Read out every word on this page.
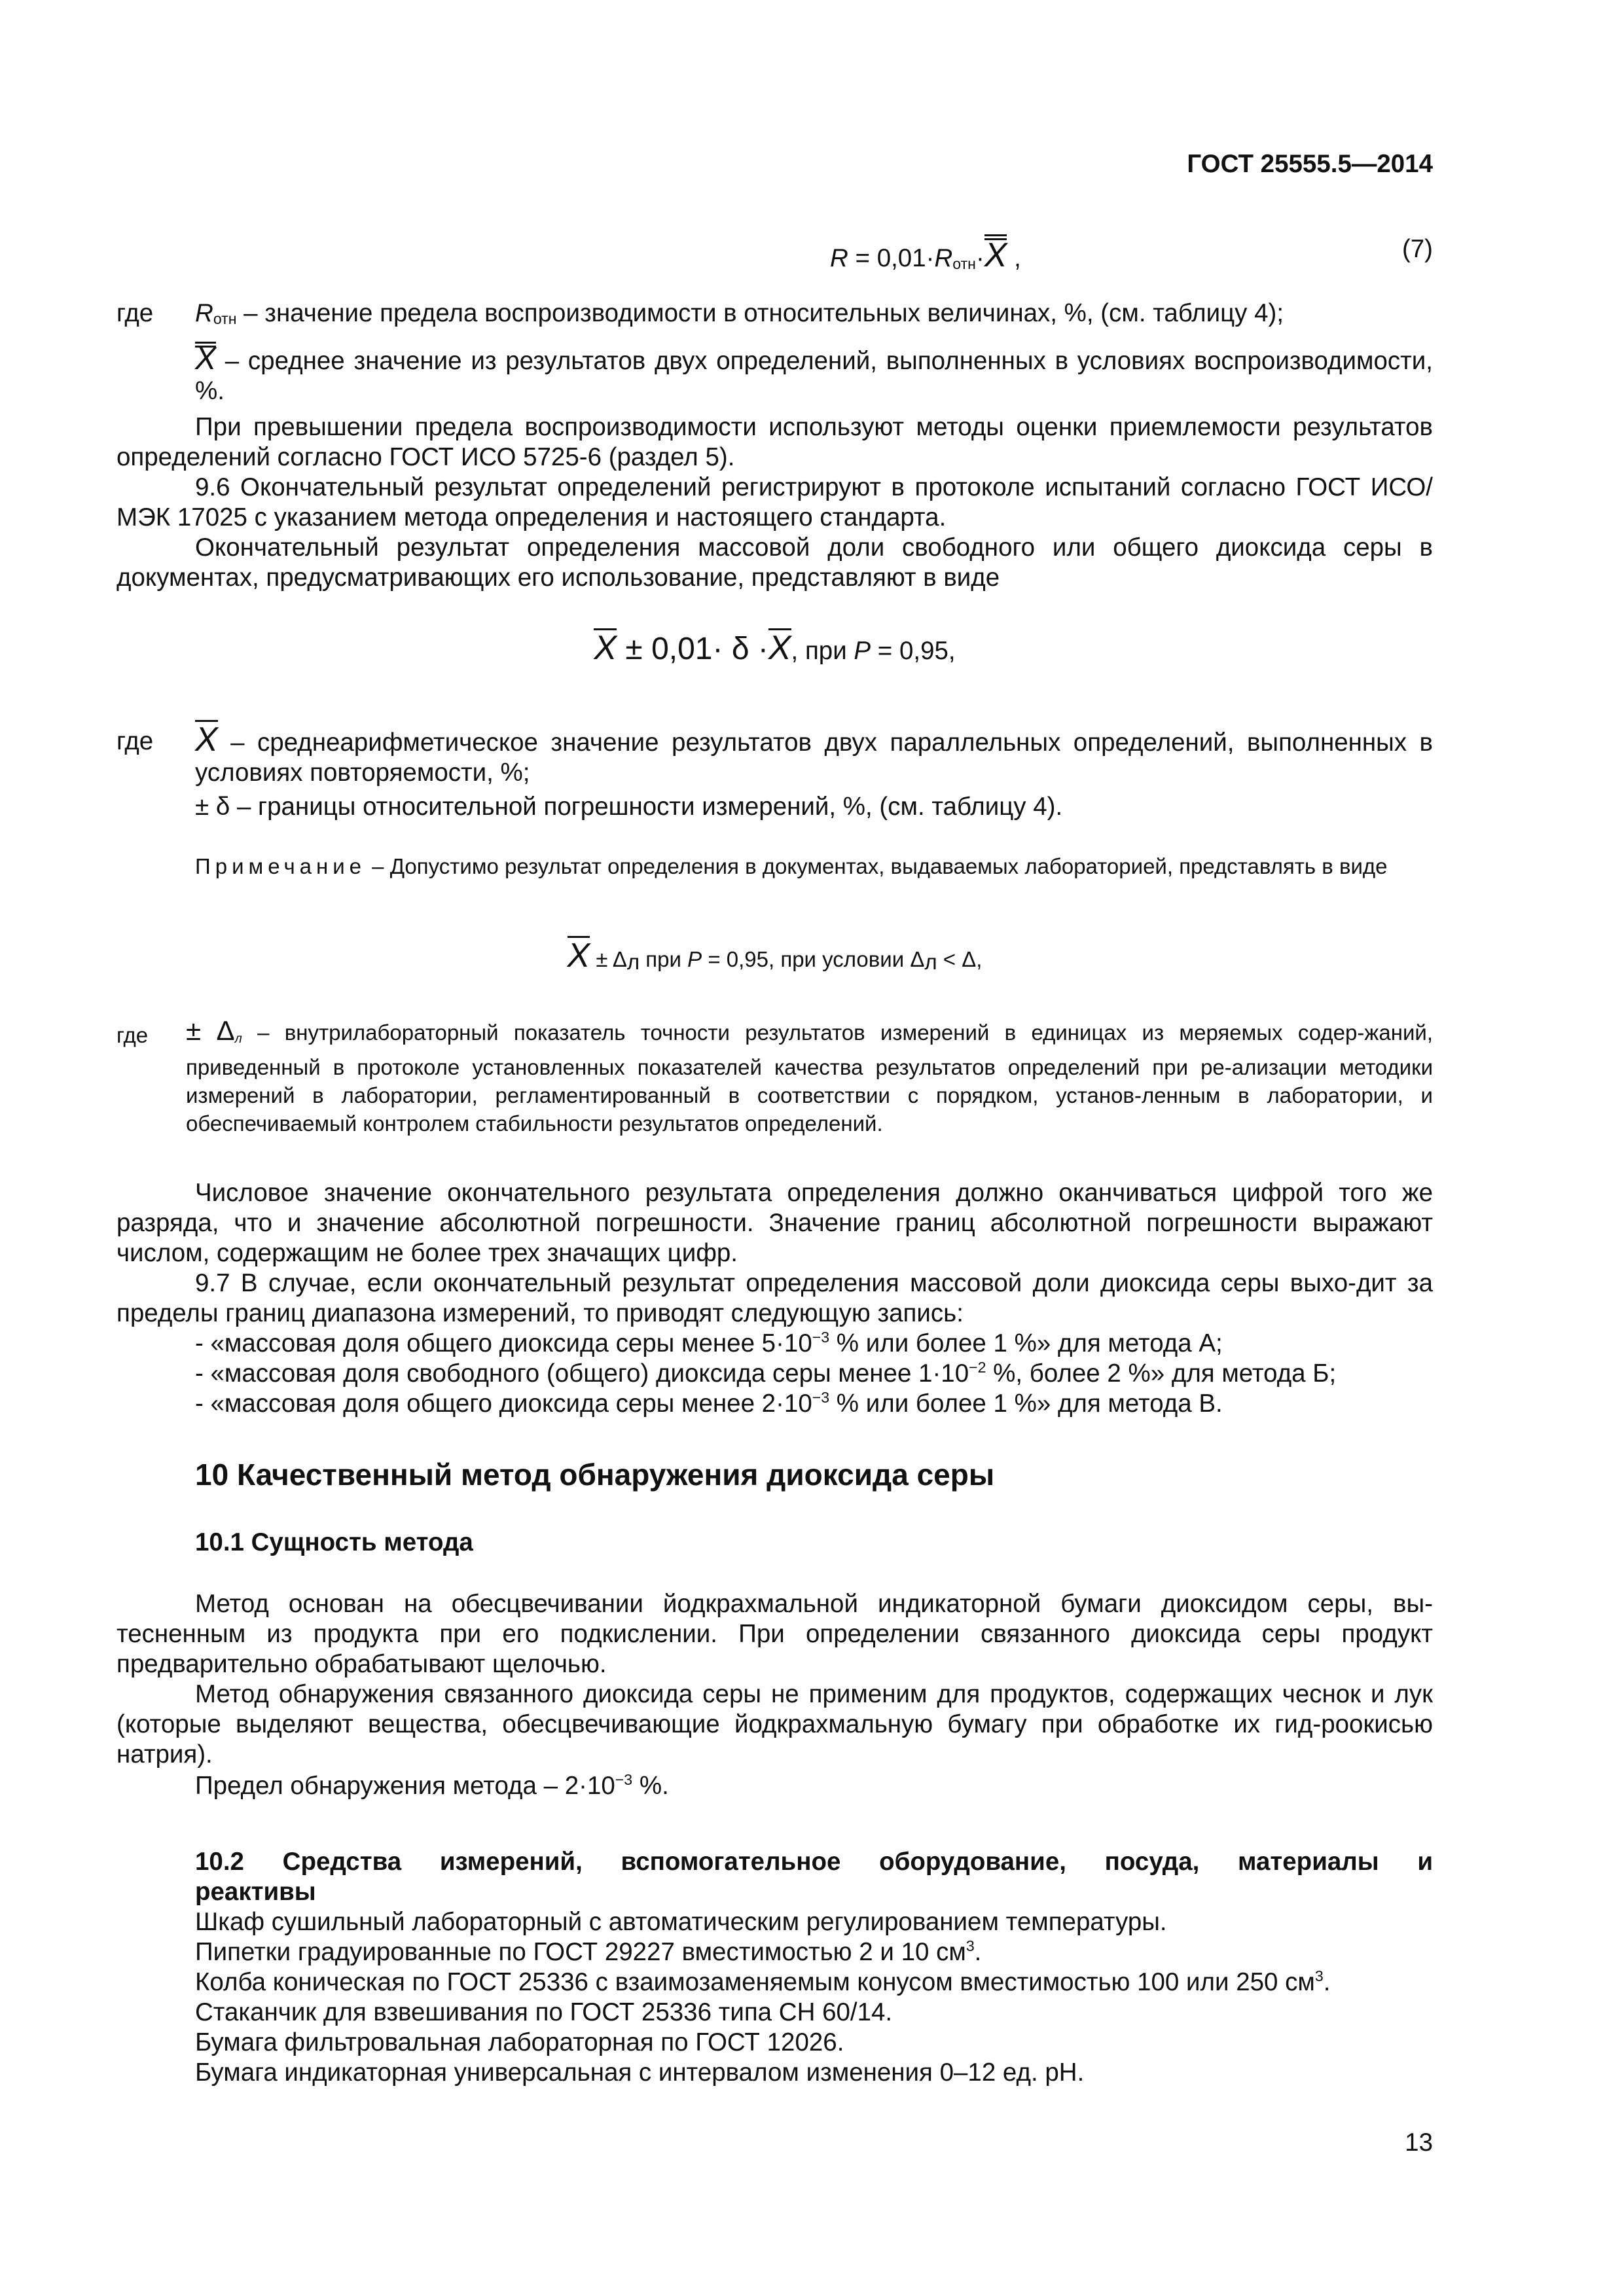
ГОСТ 25555.5—2014
R = 0,01·Rотн·X ,	(7)
где	Rотн – значение предела воспроизводимости в относительных величинах, %, (см. таблицу 4);
X – среднее значение из результатов двух определений, выполненных в условиях воспроизводимости, %.
При превышении предела воспроизводимости используют методы оценки приемлемости результатов определений согласно ГОСТ ИСО 5725-6 (раздел 5).
9.6 Окончательный результат определений регистрируют в протоколе испытаний согласно ГОСТ ИСО/МЭК 17025 с указанием метода определения и настоящего стандарта.
Окончательный результат определения массовой доли свободного или общего диоксида серы в документах, предусматривающих его использование, представляют в виде
X ± 0,01· δ ·X, при P = 0,95,
где	X – среднеарифметическое значение результатов двух параллельных определений, выполненных в условиях повторяемости, %;
± δ – границы относительной погрешности измерений, %, (см. таблицу 4).
Примечание – Допустимо результат определения в документах, выдаваемых лабораторией, представлять в виде
X ± Δл при P = 0,95, при условии Δл < Δ,
где	± $\Delta_л$ – внутрилабораторный показатель точности результатов измерений в единицах из меряемых содер-жаний, приведенный в протоколе установленных показателей качества результатов определений при ре-ализации методики измерений в лаборатории, регламентированный в соответствии с порядком, установ-ленным в лаборатории, и обеспечиваемый контролем стабильности результатов определений.
Числовое значение окончательного результата определения должно оканчиваться цифрой того же разряда, что и значение абсолютной погрешности. Значение границ абсолютной погрешности выражают числом, содержащим не более трех значащих цифр.
9.7 В случае, если окончательный результат определения массовой доли диоксида серы выхо-дит за пределы границ диапазона измерений, то приводят следующую запись:
- «массовая доля общего диоксида серы менее $5\cdot 10^{-3}$ % или более 1 %» для метода А;
- «массовая доля свободного (общего) диоксида серы менее $1\cdot 10^{-2}$ %, более 2 %» для метода Б;
- «массовая доля общего диоксида серы менее $2\cdot 10^{-3}$ % или более 1 %» для метода В.
10 Качественный метод обнаружения диоксида серы
10.1 Сущность метода
Метод основан на обесцвечивании йодкрахмальной индикаторной бумаги диоксидом серы, вы-тесненным из продукта при его подкислении. При определении связанного диоксида серы продукт предварительно обрабатывают щелочью.
Метод обнаружения связанного диоксида серы не применим для продуктов, содержащих чеснок и лук (которые выделяют вещества, обесцвечивающие йодкрахмальную бумагу при обработке их гид-роокисью натрия).
Предел обнаружения метода – $2\cdot 10^{-3}$ %.
10.2 Средства измерений, вспомогательное оборудование, посуда, материалы и
реактивы
Шкаф сушильный лабораторный с автоматическим регулированием температуры.
Пипетки градуированные по ГОСТ 29227 вместимостью 2 и 10 $см^3$.
Колба коническая по ГОСТ 25336 с взаимозаменяемым конусом вместимостью 100 или 250 $см^3$.
Стаканчик для взвешивания по ГОСТ 25336 типа СН 60/14.
Бумага фильтровальная лабораторная по ГОСТ 12026.
Бумага индикаторная универсальная с интервалом изменения 0–12 ед. pH.
13
